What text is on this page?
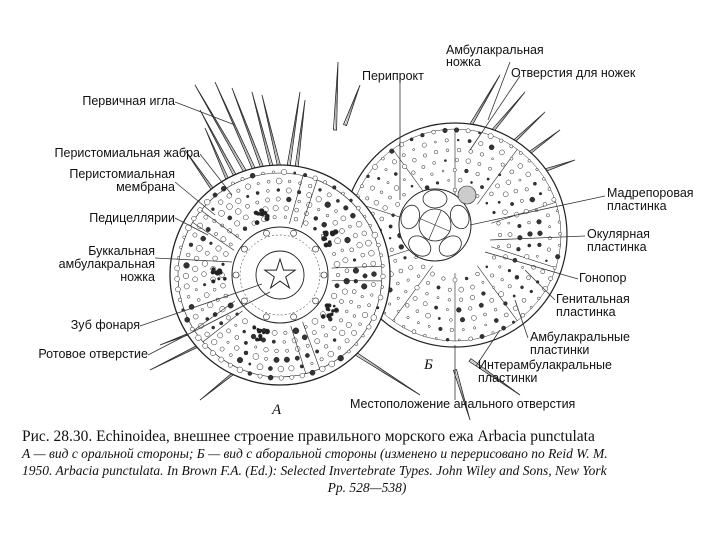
Первичная игла
Перистомиальная жабра
Перистомиальная
мембрана
Педицеллярии
Буккальная
амбулакральная
ножка
Зуб фонаря
Ротовое отверстие
Амбулакральная
ножка
Перипрокт	Отверстия для ножек
Мадрепоровая
пластинка
Окулярная
пластинка
Гонопор
Генитальная
пластинка
Амбулакральные
пластинки
Интерамбулакральные
пластинки
Местоположение анального отверстия
А
Б
Рис. 28.30. Echinoidea, внешнее строение правильного морского ежа Arbacia punctulata
А — вид с оральной стороны; Б — вид с аборальной стороны (изменено и перерисовано по Reid W. M.
1950. Arbacia punctulata. In Brown F.A. (Ed.): Selected Invertebrate Types. John Wiley and Sons, New York
Pp. 528—538)
